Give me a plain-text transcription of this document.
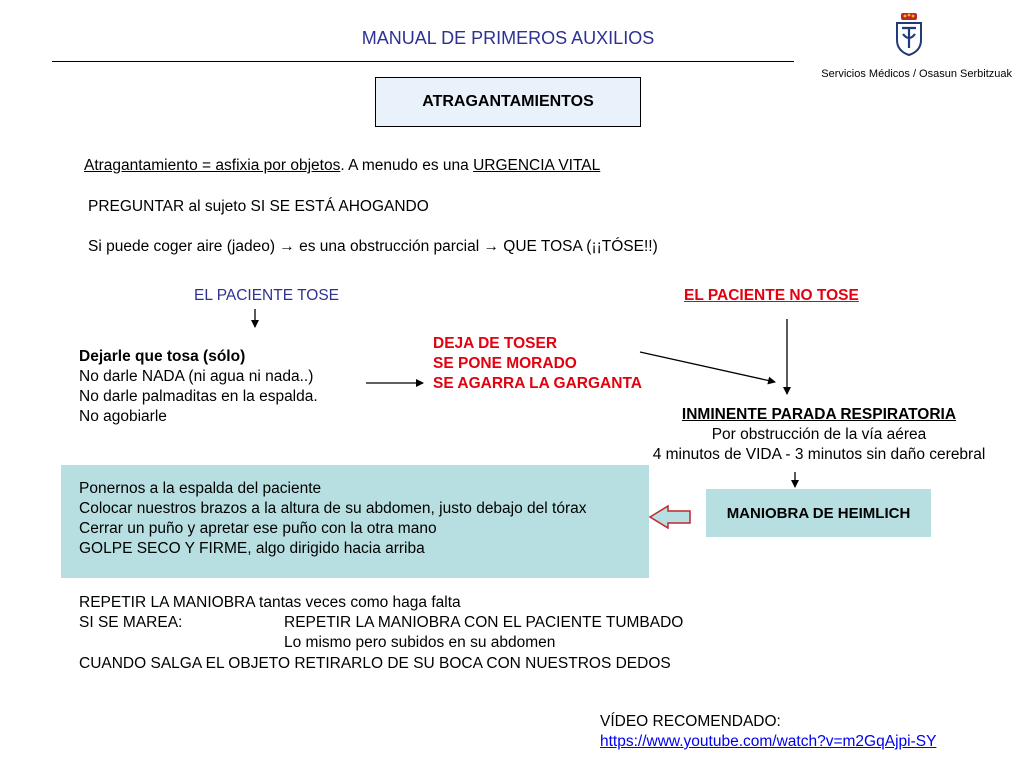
MANUAL DE PRIMEROS AUXILIOS
Servicios Médicos / Osasun Serbitzuak
ATRAGANTAMIENTOS
Atragantamiento = asfixia por objetos. A menudo es una URGENCIA VITAL
PREGUNTAR al sujeto SI SE ESTÁ AHOGANDO
Si puede coger aire (jadeo) → es una obstrucción parcial → QUE TOSA (¡¡TÓSE!!)
EL PACIENTE TOSE	EL PACIENTE NO TOSE
Dejarle que tosa (sólo)
No darle NADA (ni agua ni nada..)
No darle palmaditas en la espalda.
No agobiarle
DEJA DE TOSER
SE PONE MORADO
SE AGARRA LA GARGANTA
INMINENTE PARADA RESPIRATORIA
Por obstrucción de la vía aérea
4 minutos de VIDA - 3 minutos sin daño cerebral
Ponernos a la espalda del paciente
Colocar nuestros brazos a la altura de su abdomen, justo debajo del tórax
Cerrar un puño y apretar ese puño con la otra mano
GOLPE SECO Y FIRME, algo dirigido hacia arriba
MANIOBRA DE HEIMLICH
REPETIR LA MANIOBRA tantas veces como haga falta
SI SE MAREA:	REPETIR LA MANIOBRA CON EL PACIENTE TUMBADO
Lo mismo pero subidos en su abdomen
CUANDO SALGA EL OBJETO RETIRARLO DE SU BOCA CON NUESTROS DEDOS
VÍDEO RECOMENDADO:
https://www.youtube.com/watch?v=m2GqAjpi-SY
